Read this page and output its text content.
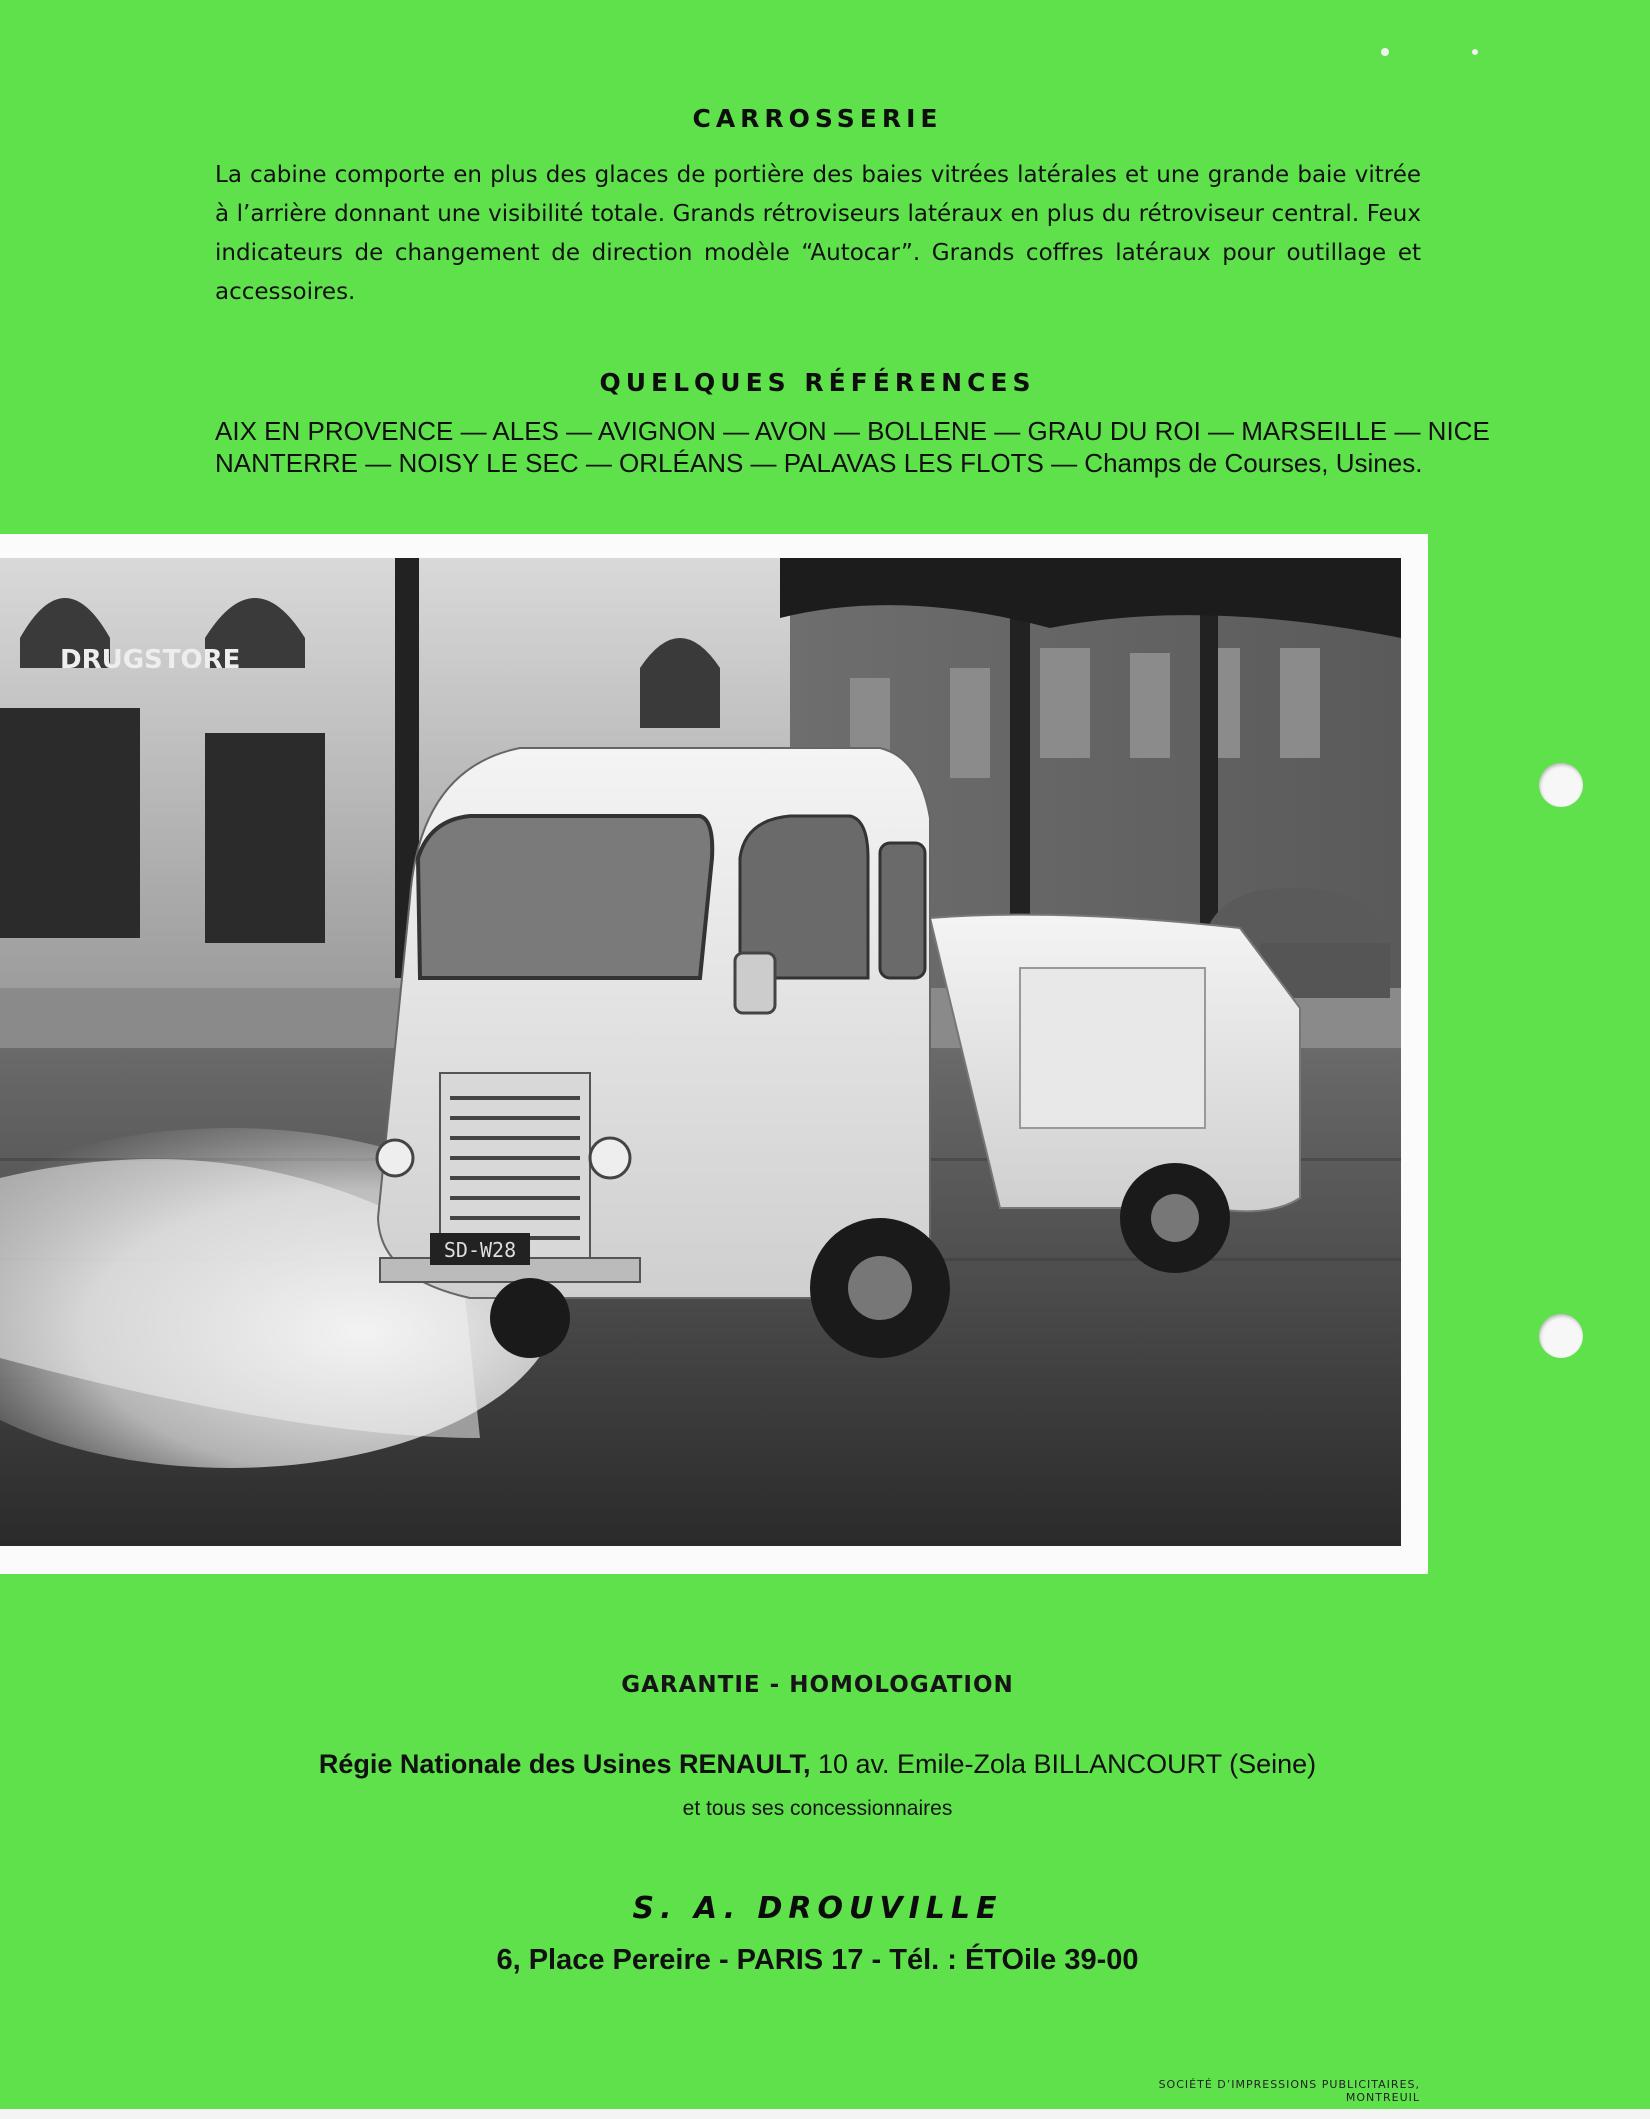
CARROSSERIE
La cabine comporte en plus des glaces de portière des baies vitrées latérales et une grande baie vitrée à l’arrière donnant une visibilité totale. Grands rétroviseurs latéraux en plus du rétroviseur central. Feux indicateurs de changement de direction modèle “Autocar”. Grands coffres latéraux pour outillage et accessoires.
QUELQUES RÉFÉRENCES
AIX EN PROVENCE — ALES — AVIGNON — AVON — BOLLENE — GRAU DU ROI — MARSEILLE — NICE
NANTERRE — NOISY LE SEC — ORLÉANS — PALAVAS LES FLOTS — Champs de Courses, Usines.
SD-W28
DRUGSTORE
GARANTIE - HOMOLOGATION
Régie Nationale des Usines RENAULT, 10 av. Emile-Zola BILLANCOURT (Seine)
et tous ses concessionnaires
S. A. DROUVILLE
6, Place Pereire - PARIS 17 - Tél. : ÉTOile 39-00
SOCIÉTÉ D’IMPRESSIONS PUBLICITAIRES, MONTREUIL
